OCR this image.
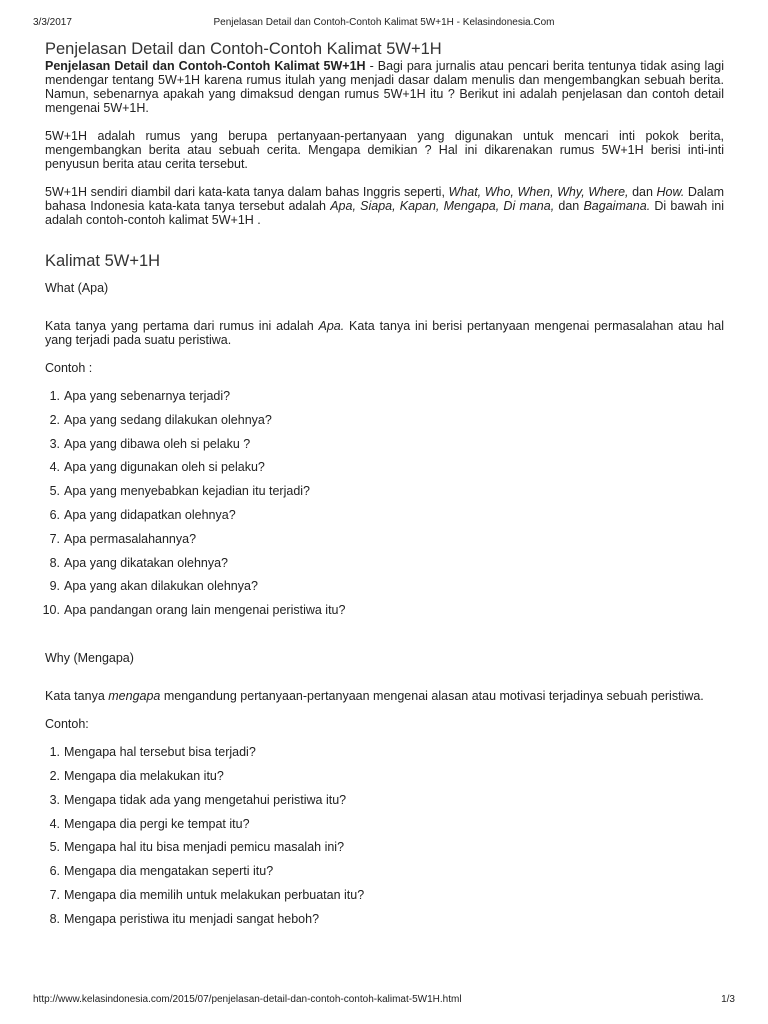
3/3/2017	Penjelasan Detail dan Contoh-Contoh Kalimat 5W+1H - Kelasindonesia.Com
Penjelasan Detail dan Contoh-Contoh Kalimat 5W+1H

Penjelasan Detail dan Contoh-Contoh Kalimat 5W+1H - Bagi para jurnalis atau pencari berita tentunya tidak asing lagi mendengar tentang 5W+1H karena rumus itulah yang menjadi dasar dalam menulis dan mengembangkan sebuah berita. Namun, sebenarnya apakah yang dimaksud dengan rumus 5W+1H itu ? Berikut ini adalah penjelasan dan contoh detail mengenai 5W+1H.

5W+1H adalah rumus yang berupa pertanyaan-pertanyaan yang digunakan untuk mencari inti pokok berita, mengembangkan berita atau sebuah cerita. Mengapa demikian ? Hal ini dikarenakan rumus 5W+1H berisi inti-inti penyusun berita atau cerita tersebut.

5W+1H sendiri diambil dari kata-kata tanya dalam bahas Inggris seperti, What, Who, When, Why, Where, dan How. Dalam bahasa Indonesia kata-kata tanya tersebut adalah Apa, Siapa, Kapan, Mengapa, Di mana, dan Bagaimana. Di bawah ini adalah contoh-contoh kalimat 5W+1H .

Kalimat 5W+1H
What (Apa)

Kata tanya yang pertama dari rumus ini adalah Apa. Kata tanya ini berisi pertanyaan mengenai permasalahan atau hal yang terjadi pada suatu peristiwa.

Contoh :
1. Apa yang sebenarnya terjadi?
2. Apa yang sedang dilakukan olehnya?
3. Apa yang dibawa oleh si pelaku ?
4. Apa yang digunakan oleh si pelaku?
5. Apa yang menyebabkan kejadian itu terjadi?
6. Apa yang didapatkan olehnya?
7. Apa permasalahannya?
8. Apa yang dikatakan olehnya?
9. Apa yang akan dilakukan olehnya?
10. Apa pandangan orang lain mengenai peristiwa itu?
Why (Mengapa)

Kata tanya mengapa mengandung pertanyaan-pertanyaan mengenai alasan atau motivasi terjadinya sebuah peristiwa.

Contoh:
1. Mengapa hal tersebut bisa terjadi?
2. Mengapa dia melakukan itu?
3. Mengapa tidak ada yang mengetahui peristiwa itu?
4. Mengapa dia pergi ke tempat itu?
5. Mengapa hal itu bisa menjadi pemicu masalah ini?
6. Mengapa dia mengatakan seperti itu?
7. Mengapa dia memilih untuk melakukan perbuatan itu?
8. Mengapa peristiwa itu menjadi sangat heboh?
http://www.kelasindonesia.com/2015/07/penjelasan-detail-dan-contoh-contoh-kalimat-5W1H.html	1/3
